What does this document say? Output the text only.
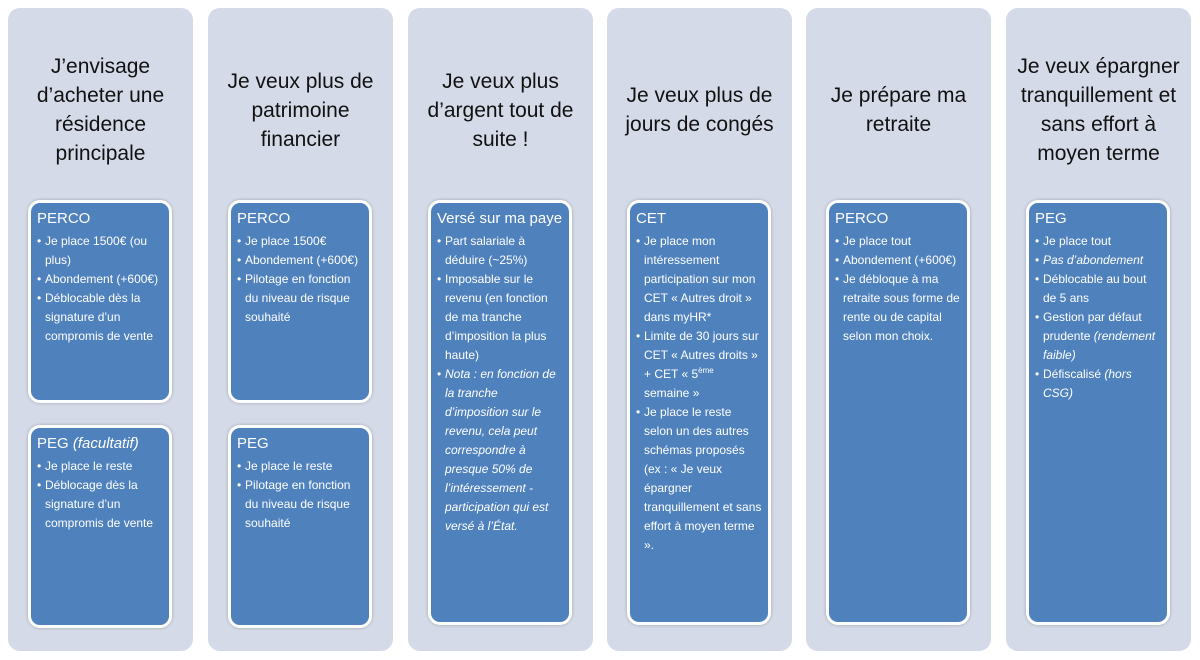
J’envisage d’acheter une résidence principale
PERCO
• Je place 1500€ (ou plus)
• Abondement (+600€)
• Déblocable dès la signature d’un compromis de vente
PEG (facultatif)
• Je place le reste
• Déblocage dès la signature d’un compromis de vente
Je veux plus de patrimoine financier
PERCO
• Je place 1500€
• Abondement (+600€)
• Pilotage en fonction du niveau de risque souhaité
PEG
• Je place le reste
• Pilotage en fonction du niveau de risque souhaité
Je veux plus d’argent tout de suite !
Versé sur ma paye
• Part salariale à déduire (~25%)
• Imposable sur le revenu (en fonction de ma tranche d’imposition la plus haute)
• Nota : en fonction de la tranche d’imposition sur le revenu, cela peut correspondre à presque 50% de l’intéressement - participation qui est versé à l’État.
Je veux plus de jours de congés
CET
• Je place mon intéressement participation sur mon CET « Autres droit » dans myHR*
• Limite de 30 jours sur CET « Autres droits » + CET « 5ème semaine »
• Je place le reste selon un des autres schémas proposés (ex : « Je veux épargner tranquillement et sans effort à moyen terme ».
Je prépare ma retraite
PERCO
• Je place tout
• Abondement (+600€)
• Je débloque à ma retraite sous forme de rente ou de capital selon mon choix.
Je veux épargner tranquillement et sans effort à moyen terme
PEG
• Je place tout
• Pas d’abondement
• Déblocable au bout de 5 ans
• Gestion par défaut prudente (rendement faible)
• Défiscalisé (hors CSG)
